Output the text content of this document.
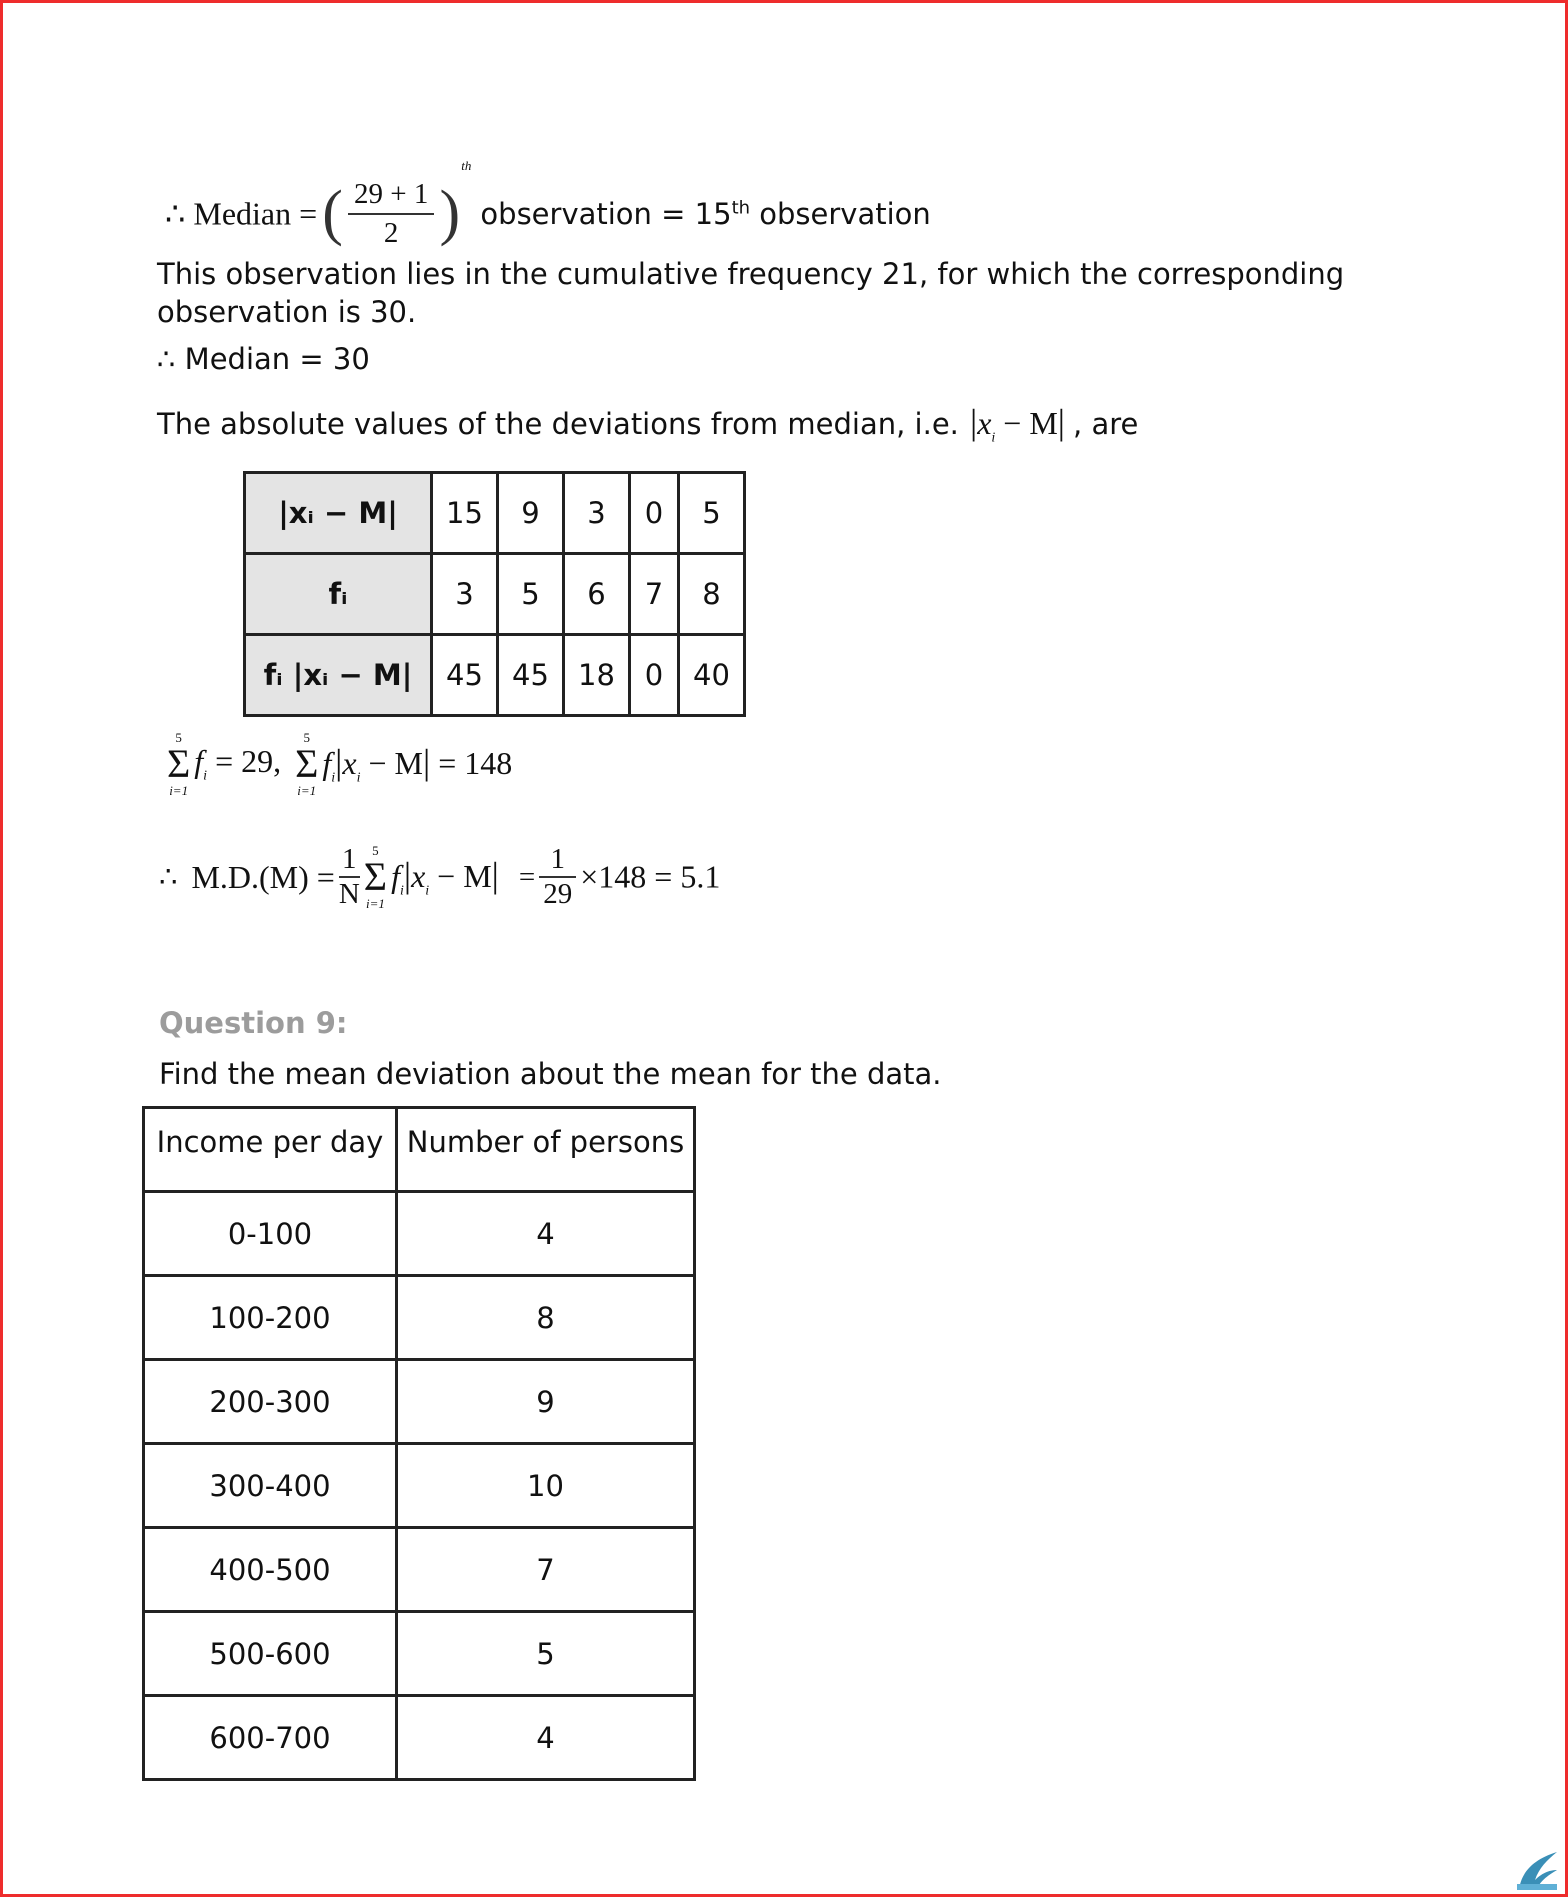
∴ Median = ( $\frac{29 + 1}{2}$ ) $^{th}$ observation = 15th observation
This observation lies in the cumulative frequency 21, for which the corresponding
observation is 30.
∴ Median = 30
The absolute values of the deviations from median, i.e. $|x_i - M|$ , are
|xᵢ − M|	15	9	3	0	5
fᵢ	3	5	6	7	8
fᵢ |xᵢ − M|	45	45	18	0	40
5
Σ
i=1
$f_i = 29$,
5
Σ
i=1
$f_i|x_i - M| = 148$
∴ $M.D.(M) = \frac{1}{N}$
5
Σ
i=1
$f_i|x_i - M| = \frac{1}{29} \times 148 = 5.1$
Question 9:
Find the mean deviation about the mean for the data.
Income per day	Number of persons
0-100	4
100-200	8
200-300	9
300-400	10
400-500	7
500-600	5
600-700	4
